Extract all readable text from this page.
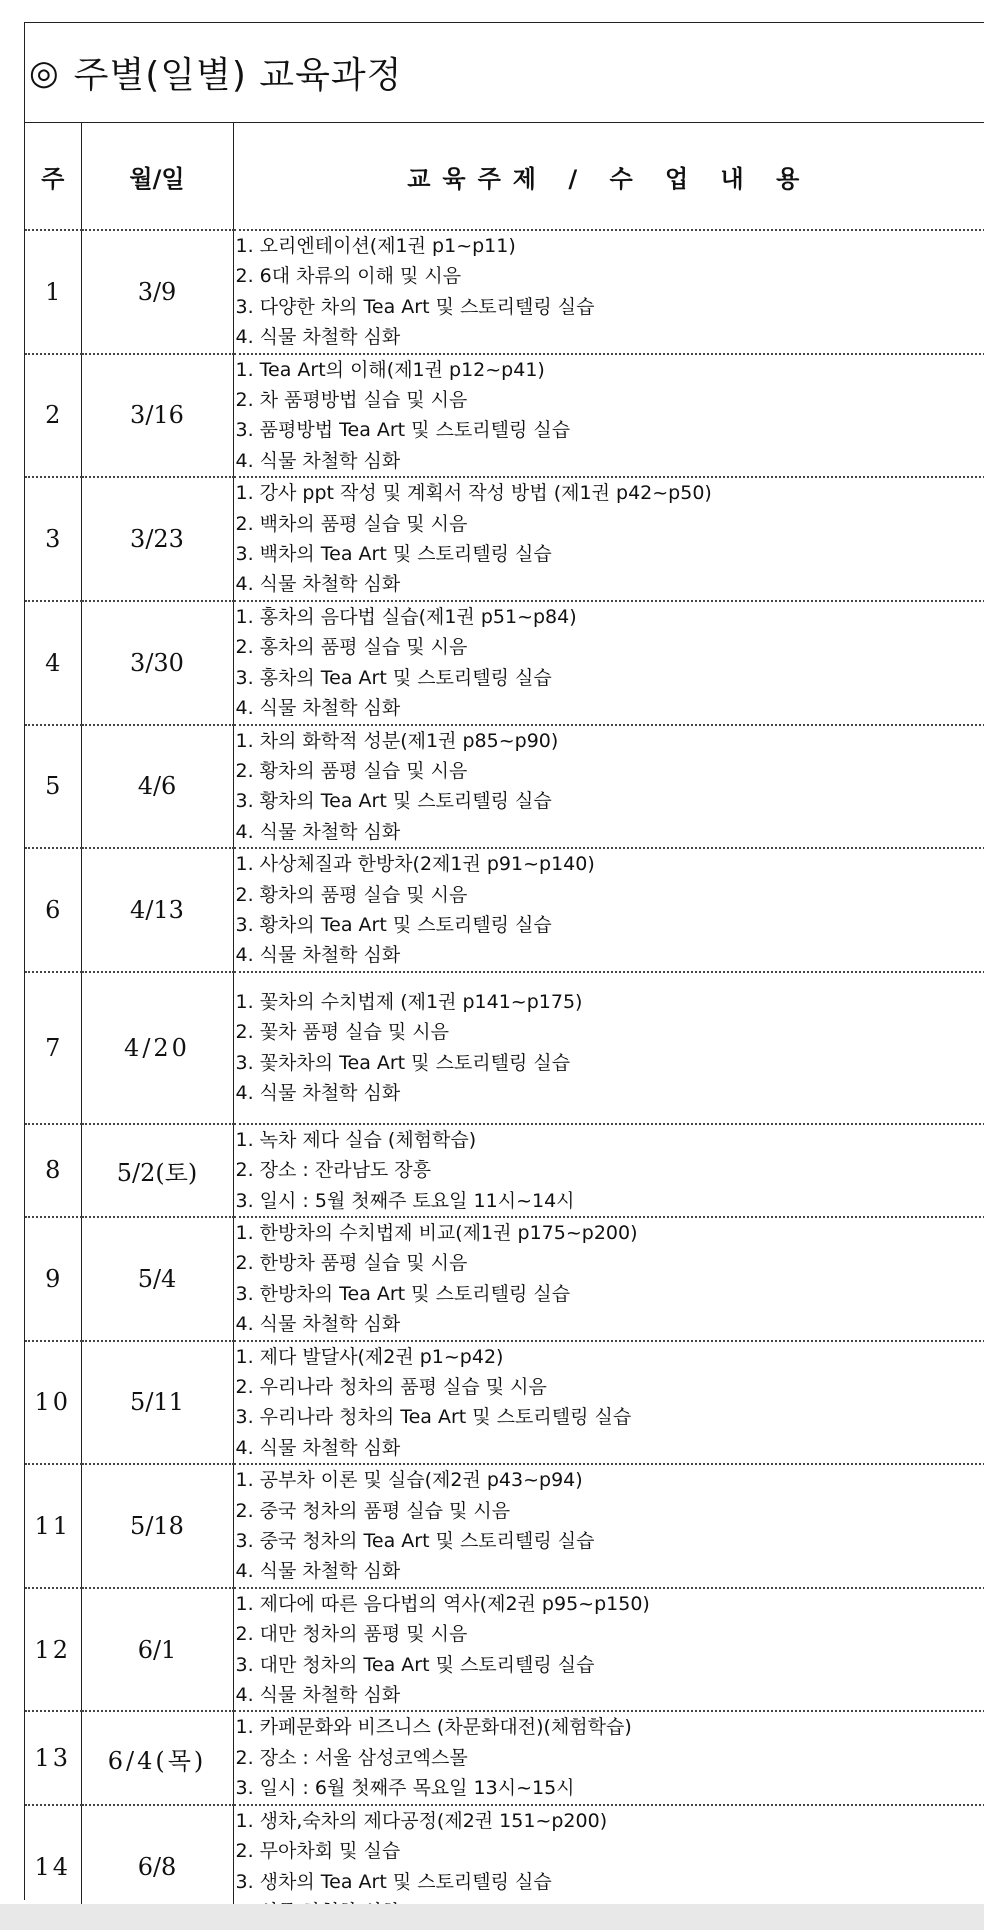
◎ 주별(일별) 교육과정
주	월/일	교육주제 / 수 업 내 용
1	3/9	1. 오리엔테이션(제1권 p1~p11)
2. 6대 차류의 이해 및 시음
3. 다양한 차의 Tea Art 및 스토리텔링 실습
4. 식물 차철학 심화

2	3/16	1. Tea Art의 이해(제1권 p12~p41)
2. 차 품평방법 실습 및 시음
3. 품평방법 Tea Art 및 스토리텔링 실습
4. 식물 차철학 심화

3	3/23	1. 강사 ppt 작성 및 계획서 작성 방법 (제1권 p42~p50)
2. 백차의 품평 실습 및 시음
3. 백차의 Tea Art 및 스토리텔링 실습
4. 식물 차철학 심화

4	3/30	1. 홍차의 음다법 실습(제1권 p51~p84)
2. 홍차의 품평 실습 및 시음
3. 홍차의 Tea Art 및 스토리텔링 실습
4. 식물 차철학 심화

5	4/6	1. 차의 화학적 성분(제1권 p85~p90)
2. 황차의 품평 실습 및 시음
3. 황차의 Tea Art 및 스토리텔링 실습
4. 식물 차철학 심화

6	4/13	1. 사상체질과 한방차(2제1권 p91~p140)
2. 황차의 품평 실습 및 시음
3. 황차의 Tea Art 및 스토리텔링 실습
4. 식물 차철학 심화

7	4/20	1. 꽃차의 수치법제 (제1권 p141~p175)
2. 꽃차 품평 실습 및 시음
3. 꽃차차의 Tea Art 및 스토리텔링 실습
4. 식물 차철학 심화

8	5/2(토)	1. 녹차 제다 실습 (체험학습)
2. 장소 : 잔라남도 장흥
3. 일시 : 5월 첫째주 토요일 11시~14시

9	5/4	1. 한방차의 수치법제 비교(제1권 p175~p200)
2. 한방차 품평 실습 및 시음
3. 한방차의 Tea Art 및 스토리텔링 실습
4. 식물 차철학 심화

10	5/11	1. 제다 발달사(제2권 p1~p42)
2. 우리나라 청차의 품평 실습 및 시음
3. 우리나라 청차의 Tea Art 및 스토리텔링 실습
4. 식물 차철학 심화

11	5/18	1. 공부차 이론 및 실습(제2권 p43~p94)
2. 중국 청차의 품평 실습 및 시음
3. 중국 청차의 Tea Art 및 스토리텔링 실습
4. 식물 차철학 심화

12	6/1	1. 제다에 따른 음다법의 역사(제2권 p95~p150)
2. 대만 청차의 품평 및 시음
3. 대만 청차의 Tea Art 및 스토리텔링 실습
4. 식물 차철학 심화

13	6/4(목)	1. 카페문화와 비즈니스 (차문화대전)(체험학습)
2. 장소 : 서울 삼성코엑스몰
3. 일시 : 6월 첫째주 목요일 13시~15시

14	6/8	1. 생차,숙차의 제다공정(제2권 151~p200)
2. 무아차회 및 실습
3. 생차의 Tea Art 및 스토리텔링 실습
